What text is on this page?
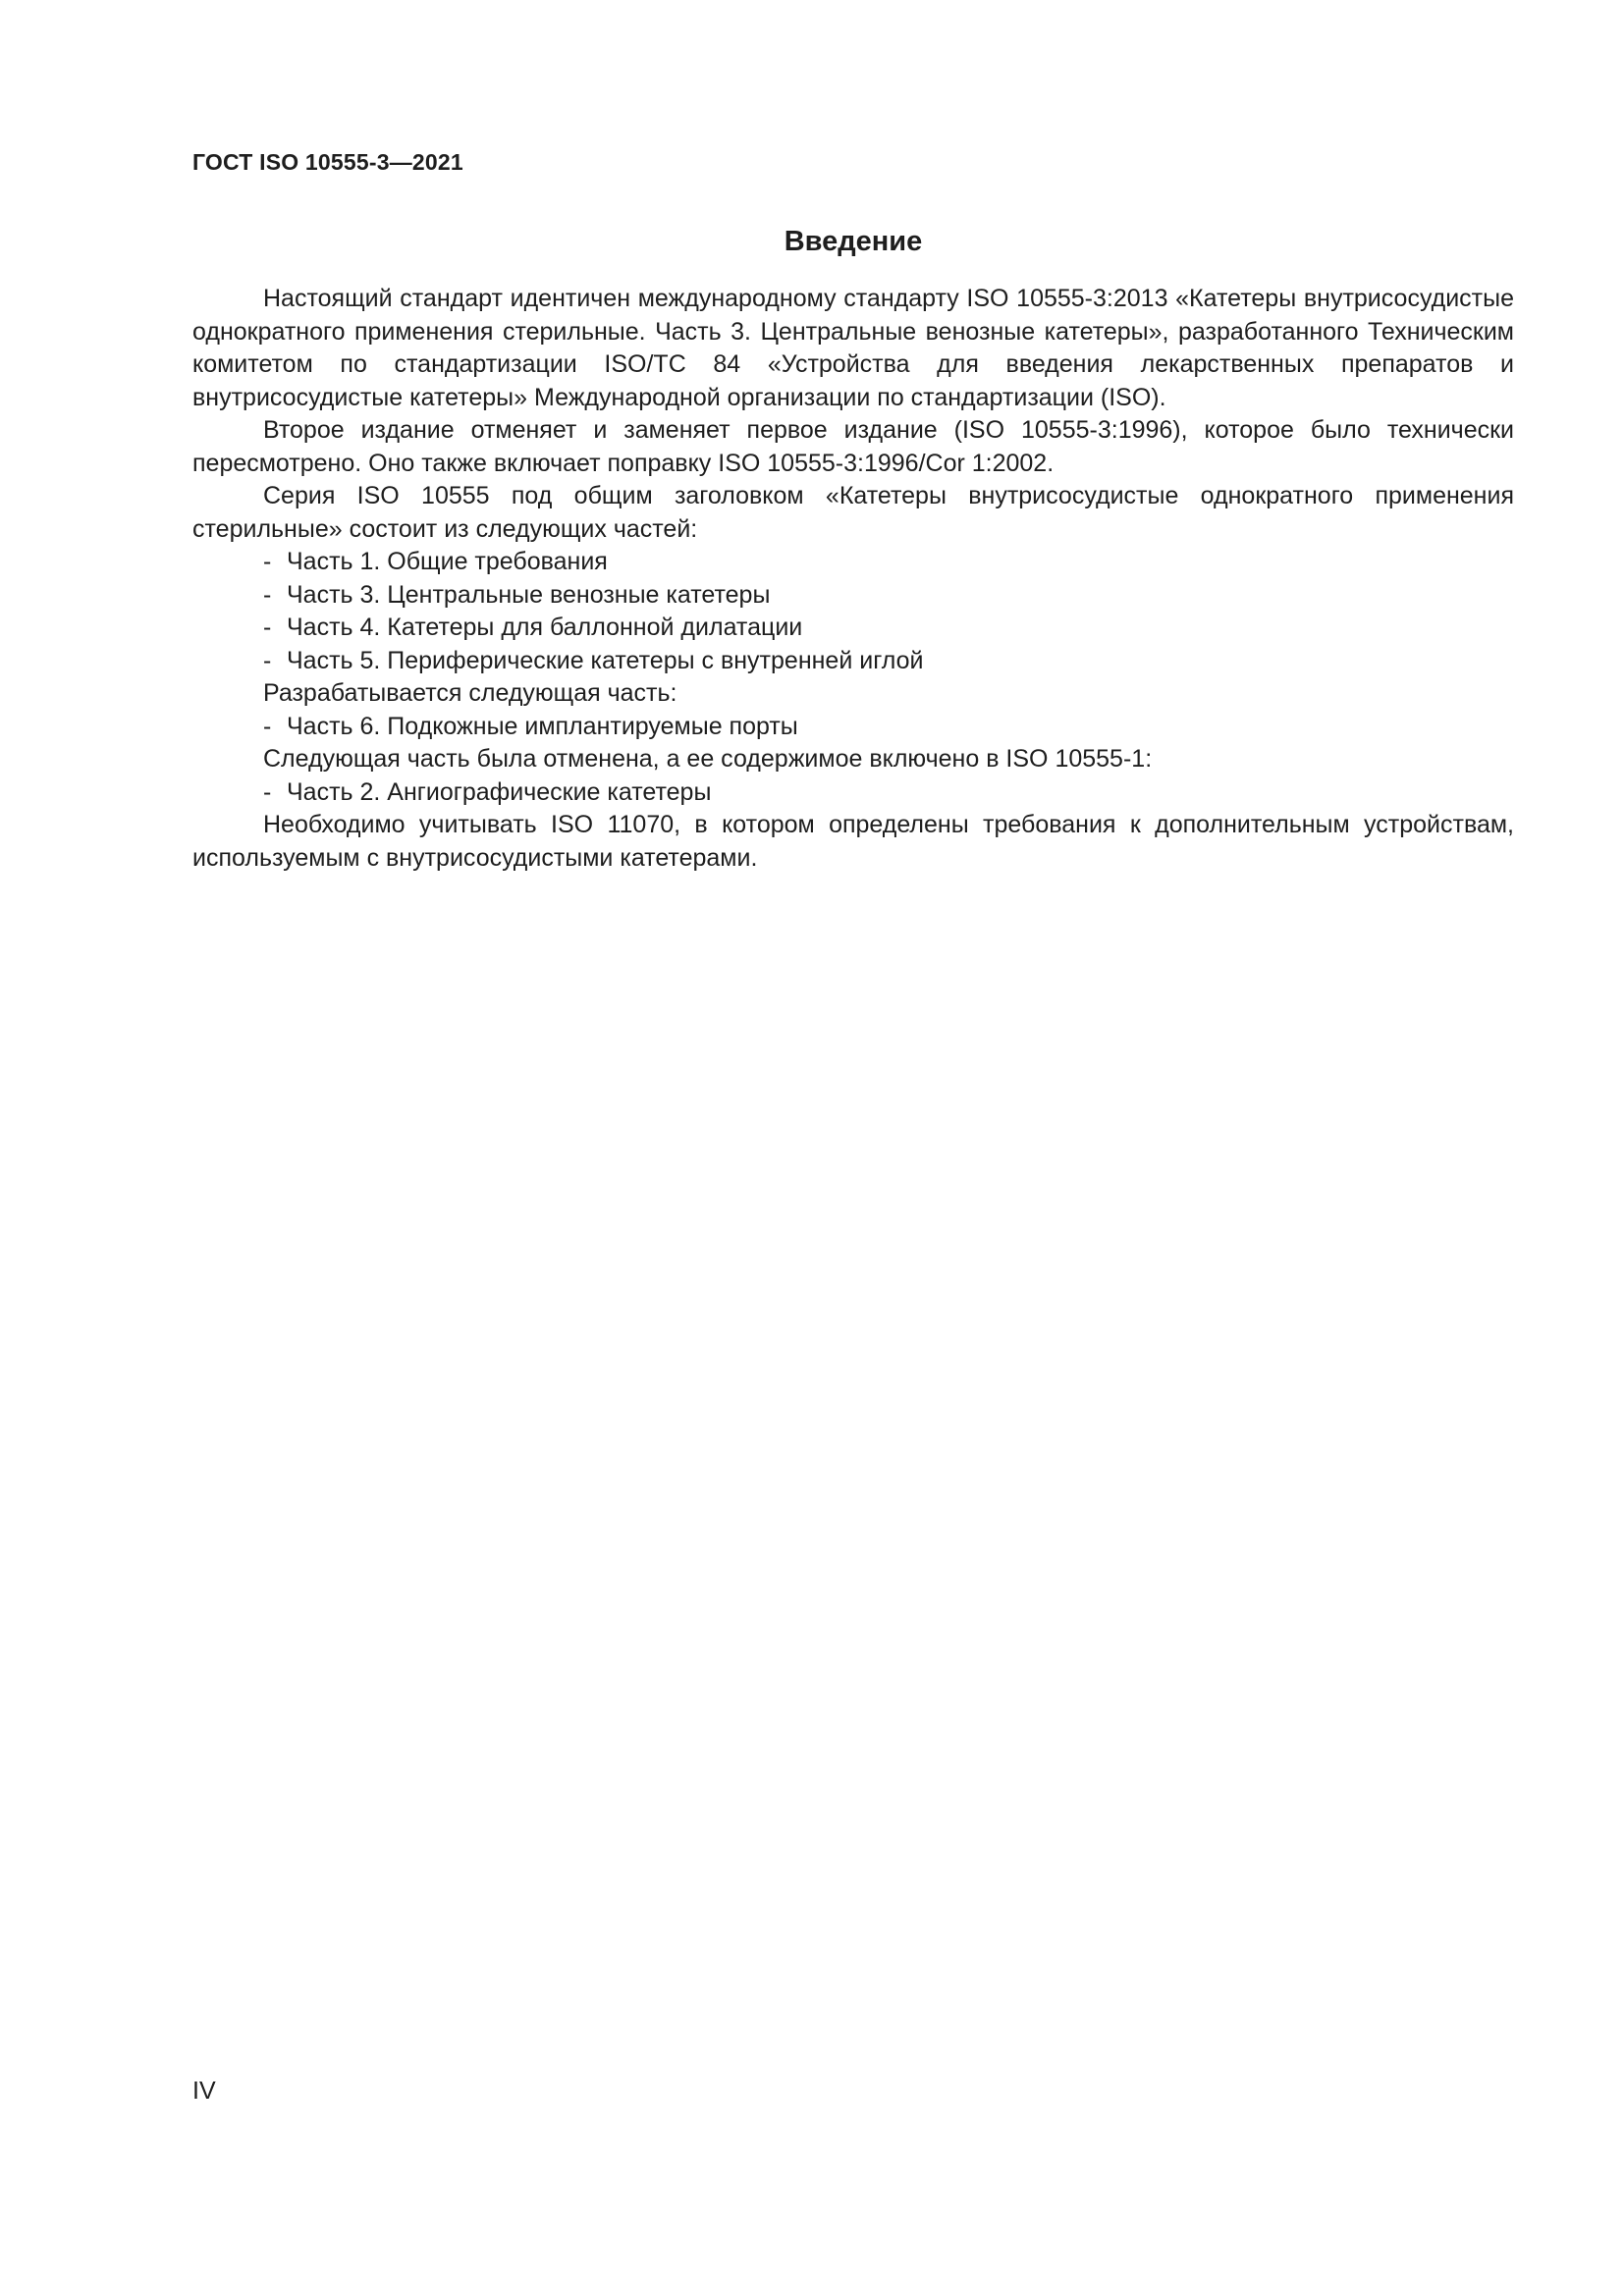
ГОСТ ISO 10555-3—2021
Введение

Настоящий стандарт идентичен международному стандарту ISO 10555-3:2013 «Катетеры внутрисосудистые однократного применения стерильные. Часть 3. Центральные венозные катетеры», разработанного Техническим комитетом по стандартизации ISO/TC 84 «Устройства для введения лекарственных препаратов и внутрисосудистые катетеры» Международной организации по стандартизации (ISO).

Второе издание отменяет и заменяет первое издание (ISO 10555-3:1996), которое было технически пересмотрено. Оно также включает поправку ISO 10555-3:1996/Cor 1:2002.

Серия ISO 10555 под общим заголовком «Катетеры внутрисосудистые однократного применения стерильные» состоит из следующих частей:

- Часть 1. Общие требования
- Часть 3. Центральные венозные катетеры
- Часть 4. Катетеры для баллонной дилатации
- Часть 5. Периферические катетеры с внутренней иглой

Разрабатывается следующая часть:

- Часть 6. Подкожные имплантируемые порты

Следующая часть была отменена, а ее содержимое включено в ISO 10555-1:

- Часть 2. Ангиографические катетеры

Необходимо учитывать ISO 11070, в котором определены требования к дополнительным устройствам, используемым с внутрисосудистыми катетерами.

IV
